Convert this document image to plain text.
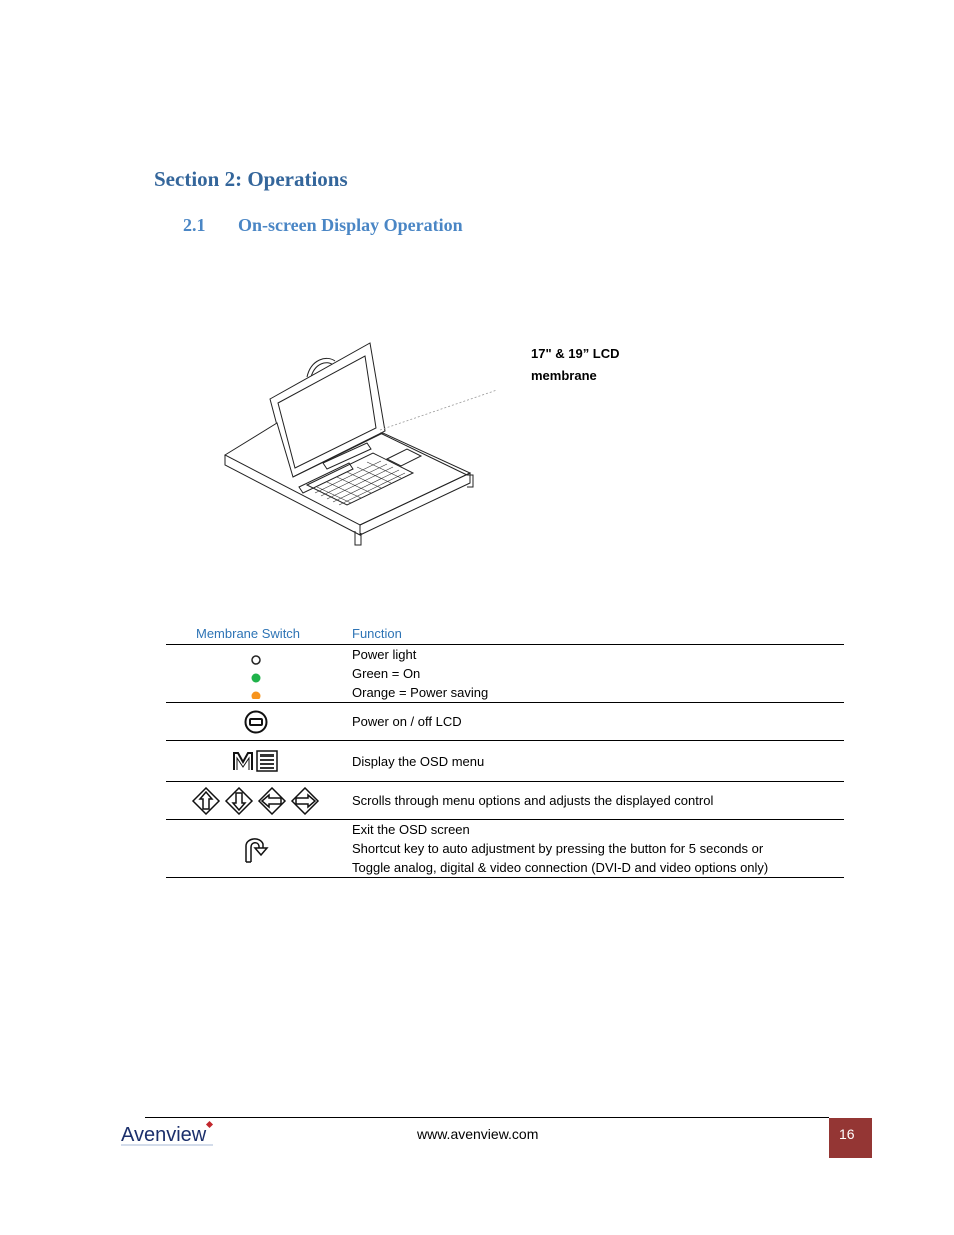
Section 2: Operations
2.1 On-screen Display Operation
17" & 19” LCD
membrane
Membrane Switch	Function
Power light
Green = On
Orange = Power saving
Power on / off LCD
Display the OSD menu
Scrolls through menu options and adjusts the displayed control
Exit the OSD screen
Shortcut key to auto adjustment by pressing the button for 5 seconds or
Toggle analog, digital & video connection (DVI-D and video options only)
Avenview	www.avenview.com	16
